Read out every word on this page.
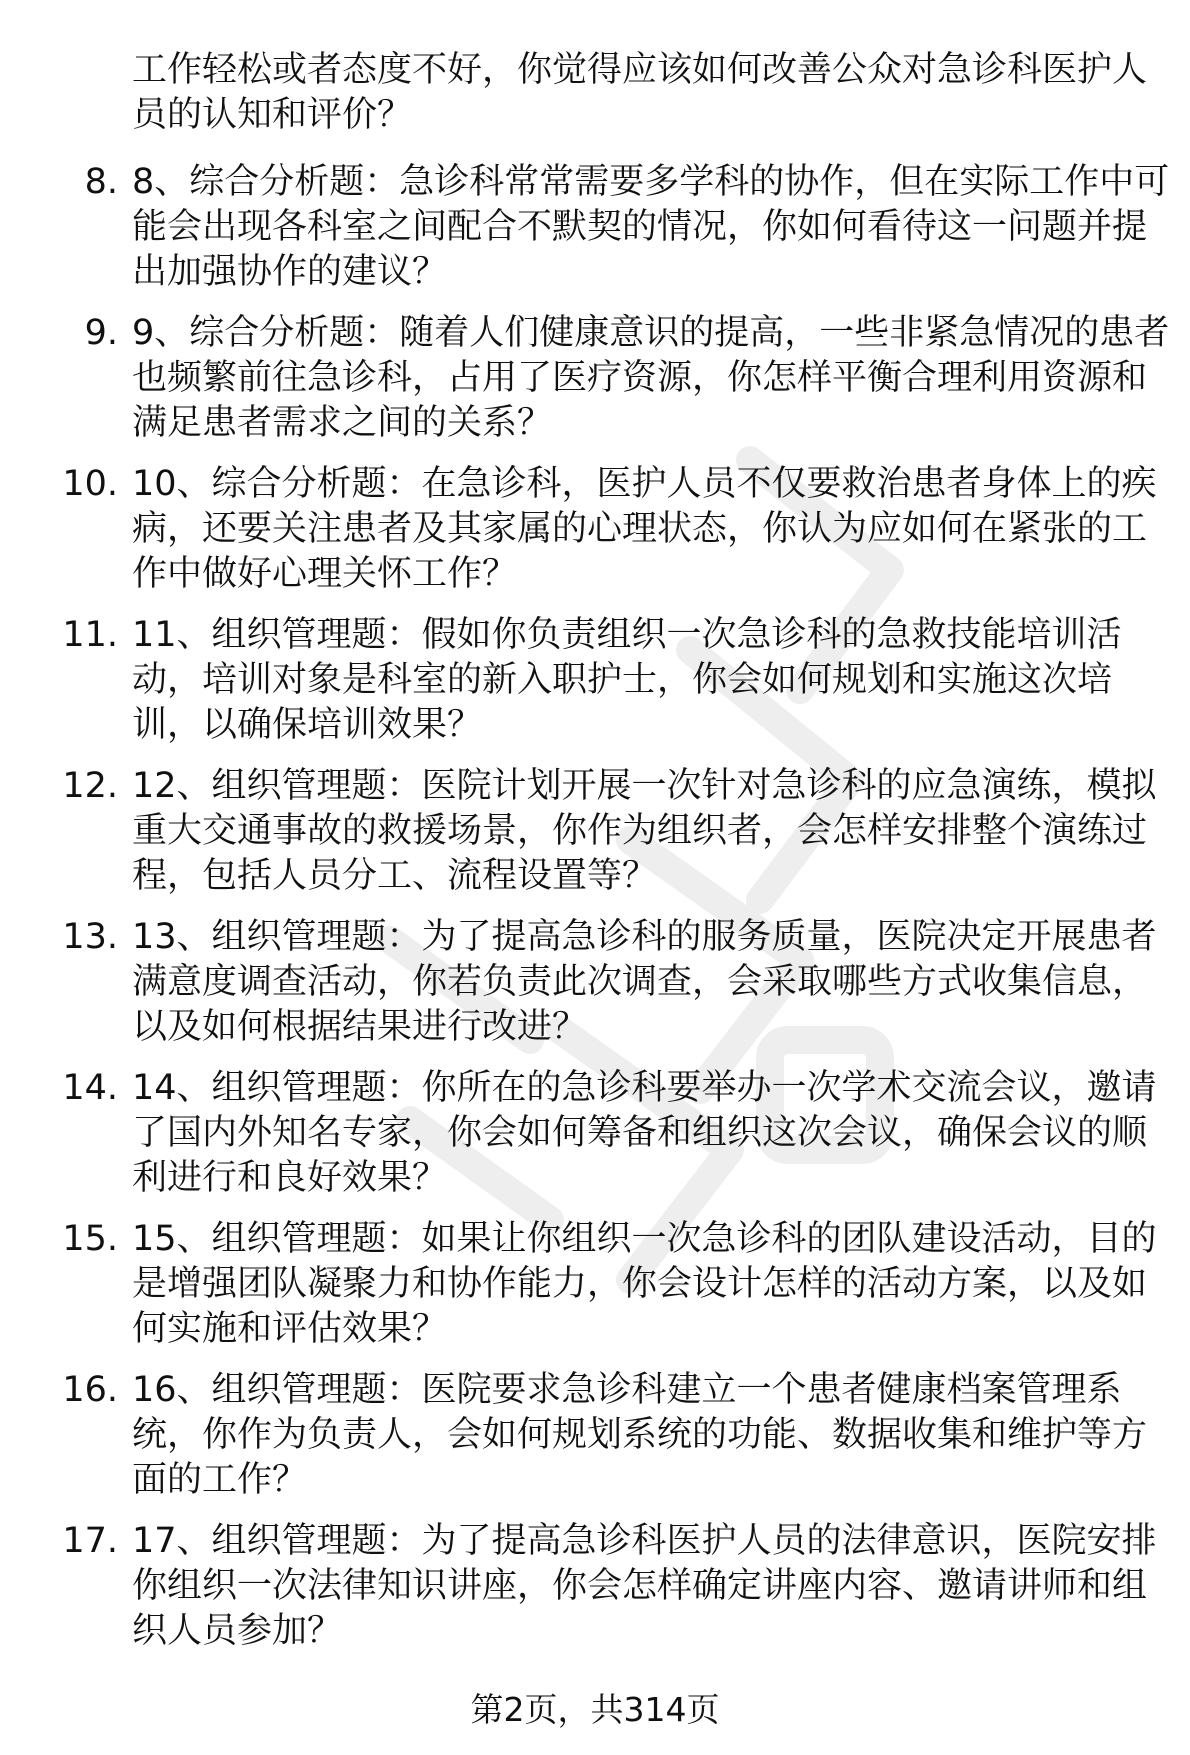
工作轻松或者态度不好，你觉得应该如何改善公众对急诊科医护人员的认知和评价？
8. 8、综合分析题：急诊科常常需要多学科的协作，但在实际工作中可能会出现各科室之间配合不默契的情况，你如何看待这一问题并提出加强协作的建议？
9. 9、综合分析题：随着人们健康意识的提高，一些非紧急情况的患者也频繁前往急诊科，占用了医疗资源，你怎样平衡合理利用资源和满足患者需求之间的关系？
10. 10、综合分析题：在急诊科，医护人员不仅要救治患者身体上的疾病，还要关注患者及其家属的心理状态，你认为应如何在紧张的工作中做好心理关怀工作？
11. 11、组织管理题：假如你负责组织一次急诊科的急救技能培训活动，培训对象是科室的新入职护士，你会如何规划和实施这次培训，以确保培训效果？
12. 12、组织管理题：医院计划开展一次针对急诊科的应急演练，模拟重大交通事故的救援场景，你作为组织者，会怎样安排整个演练过程，包括人员分工、流程设置等？
13. 13、组织管理题：为了提高急诊科的服务质量，医院决定开展患者满意度调查活动，你若负责此次调查，会采取哪些方式收集信息，以及如何根据结果进行改进？
14. 14、组织管理题：你所在的急诊科要举办一次学术交流会议，邀请了国内外知名专家，你会如何筹备和组织这次会议，确保会议的顺利进行和良好效果？
15. 15、组织管理题：如果让你组织一次急诊科的团队建设活动，目的是增强团队凝聚力和协作能力，你会设计怎样的活动方案，以及如何实施和评估效果？
16. 16、组织管理题：医院要求急诊科建立一个患者健康档案管理系统，你作为负责人，会如何规划系统的功能、数据收集和维护等方面的工作？
17. 17、组织管理题：为了提高急诊科医护人员的法律意识，医院安排你组织一次法律知识讲座，你会怎样确定讲座内容、邀请讲师和组织人员参加？
第2页，共314页
